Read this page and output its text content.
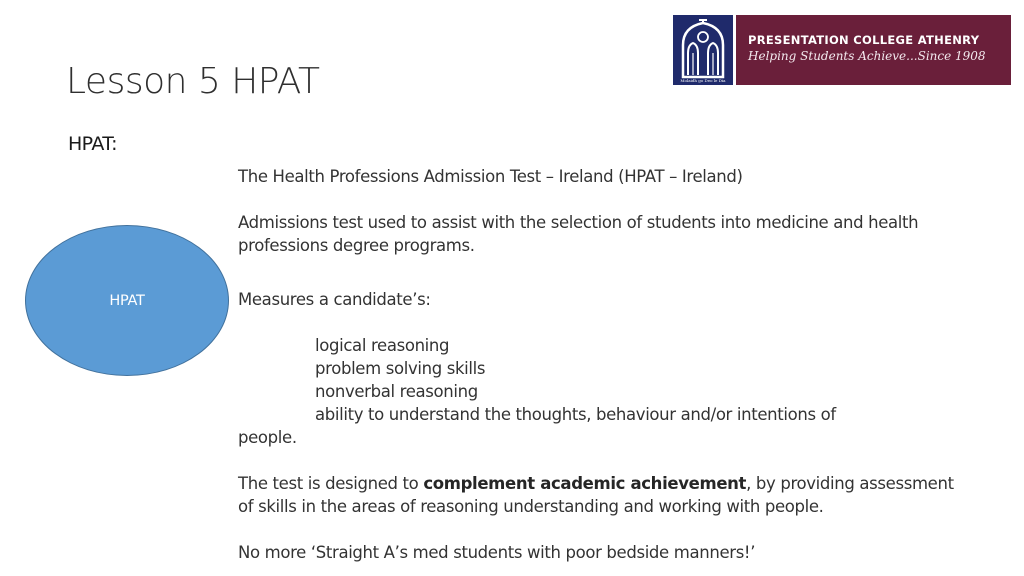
Lesson 5 HPAT	Molaidh go Deo le Dia
PRESENTATION COLLEGE ATHENRY
Helping Students Achieve...Since 1908
HPAT:
HPAT

The Health Professions Admission Test – Ireland (HPAT – Ireland)

Admissions test used to assist with the selection of students into medicine and health professions degree programs.

Measures a candidate’s:

logical reasoning

problem solving skills

nonverbal reasoning

ability to understand the thoughts, behaviour and/or intentions of

people.

The test is designed to complement academic achievement, by providing assessment of skills in the areas of reasoning understanding and working with people.

No more ‘Straight A’s med students with poor bedside manners!’
